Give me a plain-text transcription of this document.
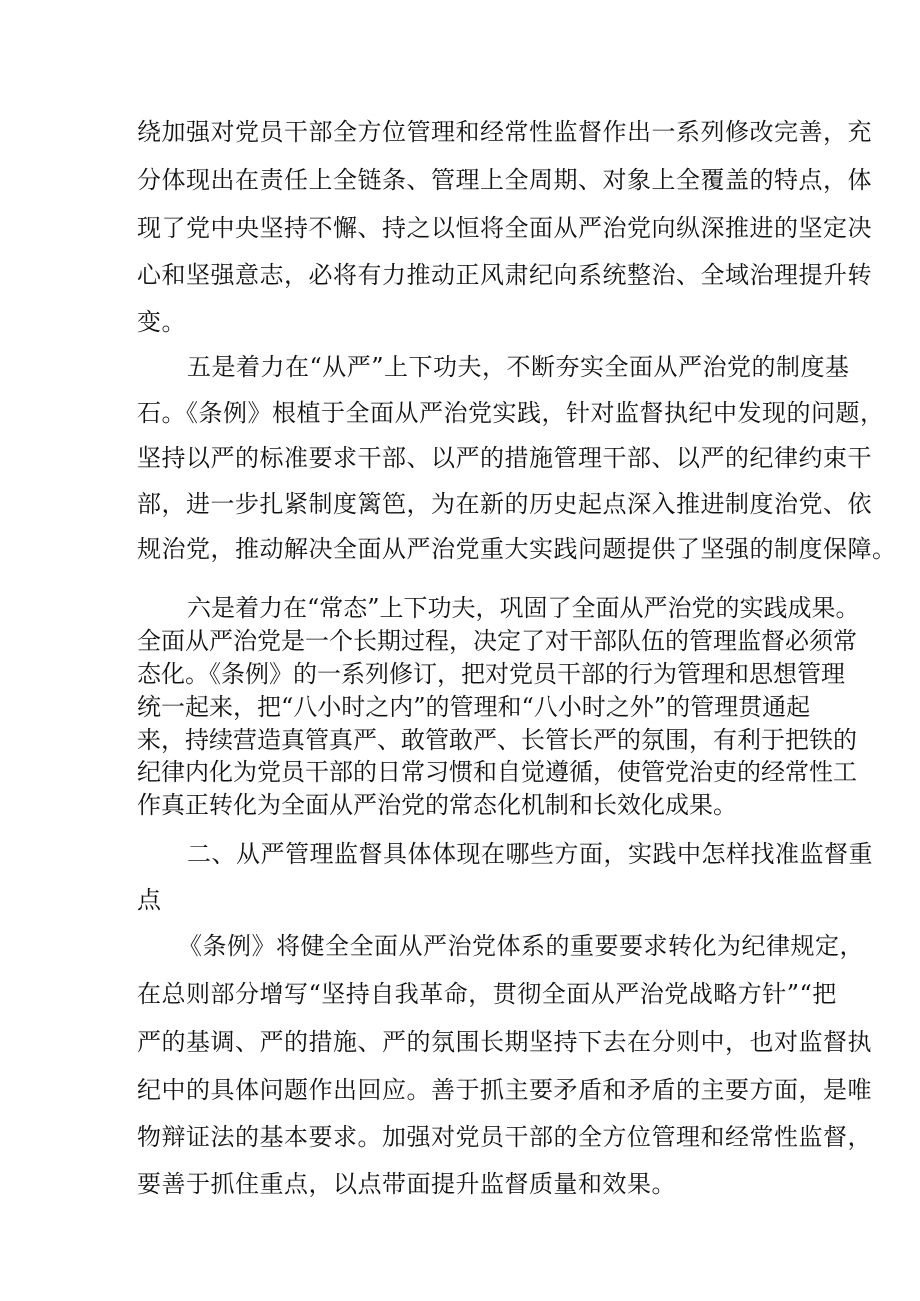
绕加强对党员干部全方位管理和经常性监督作出一系列修改完善，充
分体现出在责任上全链条、管理上全周期、对象上全覆盖的特点，体
现了党中央坚持不懈、持之以恒将全面从严治党向纵深推进的坚定决
心和坚强意志，必将有力推动正风肃纪向系统整治、全域治理提升转
变。
五是着力在“从严”上下功夫，不断夯实全面从严治党的制度基
石。《条例》根植于全面从严治党实践，针对监督执纪中发现的问题，
坚持以严的标准要求干部、以严的措施管理干部、以严的纪律约束干
部，进一步扎紧制度篱笆，为在新的历史起点深入推进制度治党、依
规治党，推动解决全面从严治党重大实践问题提供了坚强的制度保障。
六是着力在“常态”上下功夫，巩固了全面从严治党的实践成果。
全面从严治党是一个长期过程，决定了对干部队伍的管理监督必须常
态化。《条例》的一系列修订，把对党员干部的行为管理和思想管理
统一起来，把“八小时之内”的管理和“八小时之外”的管理贯通起
来，持续营造真管真严、敢管敢严、长管长严的氛围，有利于把铁的
纪律内化为党员干部的日常习惯和自觉遵循，使管党治吏的经常性工
作真正转化为全面从严治党的常态化机制和长效化成果。
二、从严管理监督具体体现在哪些方面，实践中怎样找准监督重
点
《条例》将健全全面从严治党体系的重要要求转化为纪律规定，
在总则部分增写“坚持自我革命，贯彻全面从严治党战略方针”“把
严的基调、严的措施、严的氛围长期坚持下去在分则中，也对监督执
纪中的具体问题作出回应。善于抓主要矛盾和矛盾的主要方面，是唯
物辩证法的基本要求。加强对党员干部的全方位管理和经常性监督，
要善于抓住重点，以点带面提升监督质量和效果。
